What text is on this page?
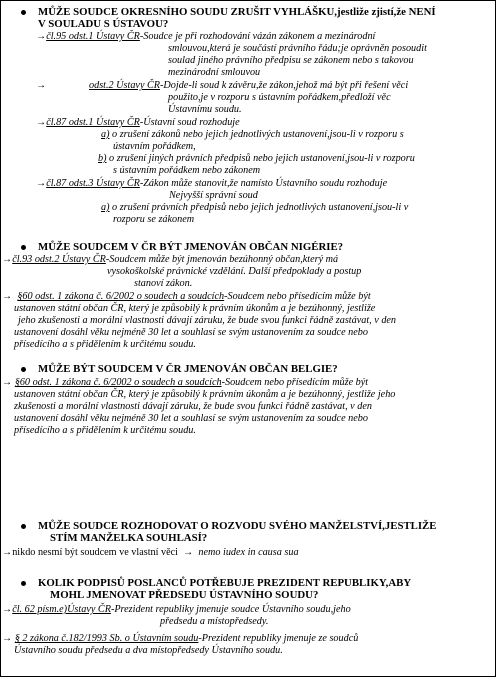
MŮŽE SOUDCE OKRESNÍHO SOUDU ZRUŠIT VYHLÁŠKU,jestliže zjistí,že NENÍ
V SOULADU S ÚSTAVOU?
→čl.95 odst.1 Ústavy ČR-Soudce je při rozhodování vázán zákonem a mezinárodní
smlouvou,která je součástí právního řádu;je oprávněn posoudit
soulad jiného právního předpisu se zákonem nebo s takovou
mezinárodní smlouvou
→	odst.2 Ústavy ČR-Dojde-li soud k závěru,že zákon,jehož má být při řešení věci
použito,je v rozporu s ústavním pořádkem,předloží věc
Ústavnímu soudu.
→čl.87 odst.1 Ústavy ČR-Ústavní soud rozhoduje
a) o zrušení zákonů nebo jejich jednotlivých ustanovení,jsou-li v rozporu s
ústavním pořádkem,
b) o zrušení jiných právních předpisů nebo jejich ustanovení,jsou-li v rozporu
s ústavním pořádkem nebo zákonem
→čl.87 odst.3 Ústavy ČR-Zákon může stanovit,že namísto Ústavního soudu rozhoduje
Nejvyšší správní soud
a) o zrušení právních předpisů nebo jejich jednotlivých ustanovení,jsou-li v
rozporu se zákonem
MŮŽE SOUDCEM V ČR BÝT JMENOVÁN OBČAN NIGÉRIE?
→čl.93 odst.2 Ústavy ČR-Soudcem může být jmenován bezúhonný občan,který má
vysokoškolské právnické vzdělání. Další předpoklady a postup
stanoví zákon.
→ §60 odst. 1 zákona č. 6/2002 o soudech a soudcích-Soudcem nebo přísedícím může být
ustanoven státní občan ČR, který je způsobilý k právním úkonům a je bezúhonný, jestliže
jeho zkušenosti a morální vlastnosti dávají záruku, že bude svou funkci řádně zastávat, v den
ustanovení dosáhl věku nejméně 30 let a souhlasí se svým ustanovením za soudce nebo
přísedícího a s přidělením k určitému soudu.
MŮŽE BÝT SOUDCEM V ČR JMENOVÁN OBČAN BELGIE?
→ §60 odst. 1 zákona č. 6/2002 o soudech a soudcích-Soudcem nebo přísedícím může být
ustanoven státní občan ČR, který je způsobilý k právním úkonům a je bezúhonný, jestliže jeho
zkušenosti a morální vlastnosti dávají záruku, že bude svou funkci řádně zastávat, v den
ustanovení dosáhl věku nejméně 30 let a souhlasí se svým ustanovením za soudce nebo
přísedícího a s přidělením k určitému soudu.
MŮŽE SOUDCE ROZHODOVAT O ROZVODU SVÉHO MANŽELSTVÍ,JESTLIŽE
STÍM MANŽELKA SOUHLASÍ?
→nikdo nesmí být soudcem ve vlastní věci →  nemo iudex in causa sua
KOLIK PODPISŮ POSLANCŮ POTŘEBUJE PREZIDENT REPUBLIKY,ABY
MOHL JMENOVAT PŘEDSEDU ÚSTAVNÍHO SOUDU?
→čl. 62 písm.e)Ústavy ČR-Prezident republiky jmenuje soudce Ústavního soudu,jeho
předsedu a místopředsedy.
→ § 2 zákona č.182/1993 Sb. o Ústavním soudu-Prezident republiky jmenuje ze soudců
Ústavního soudu předsedu a dva místopředsedy Ústavního soudu.
